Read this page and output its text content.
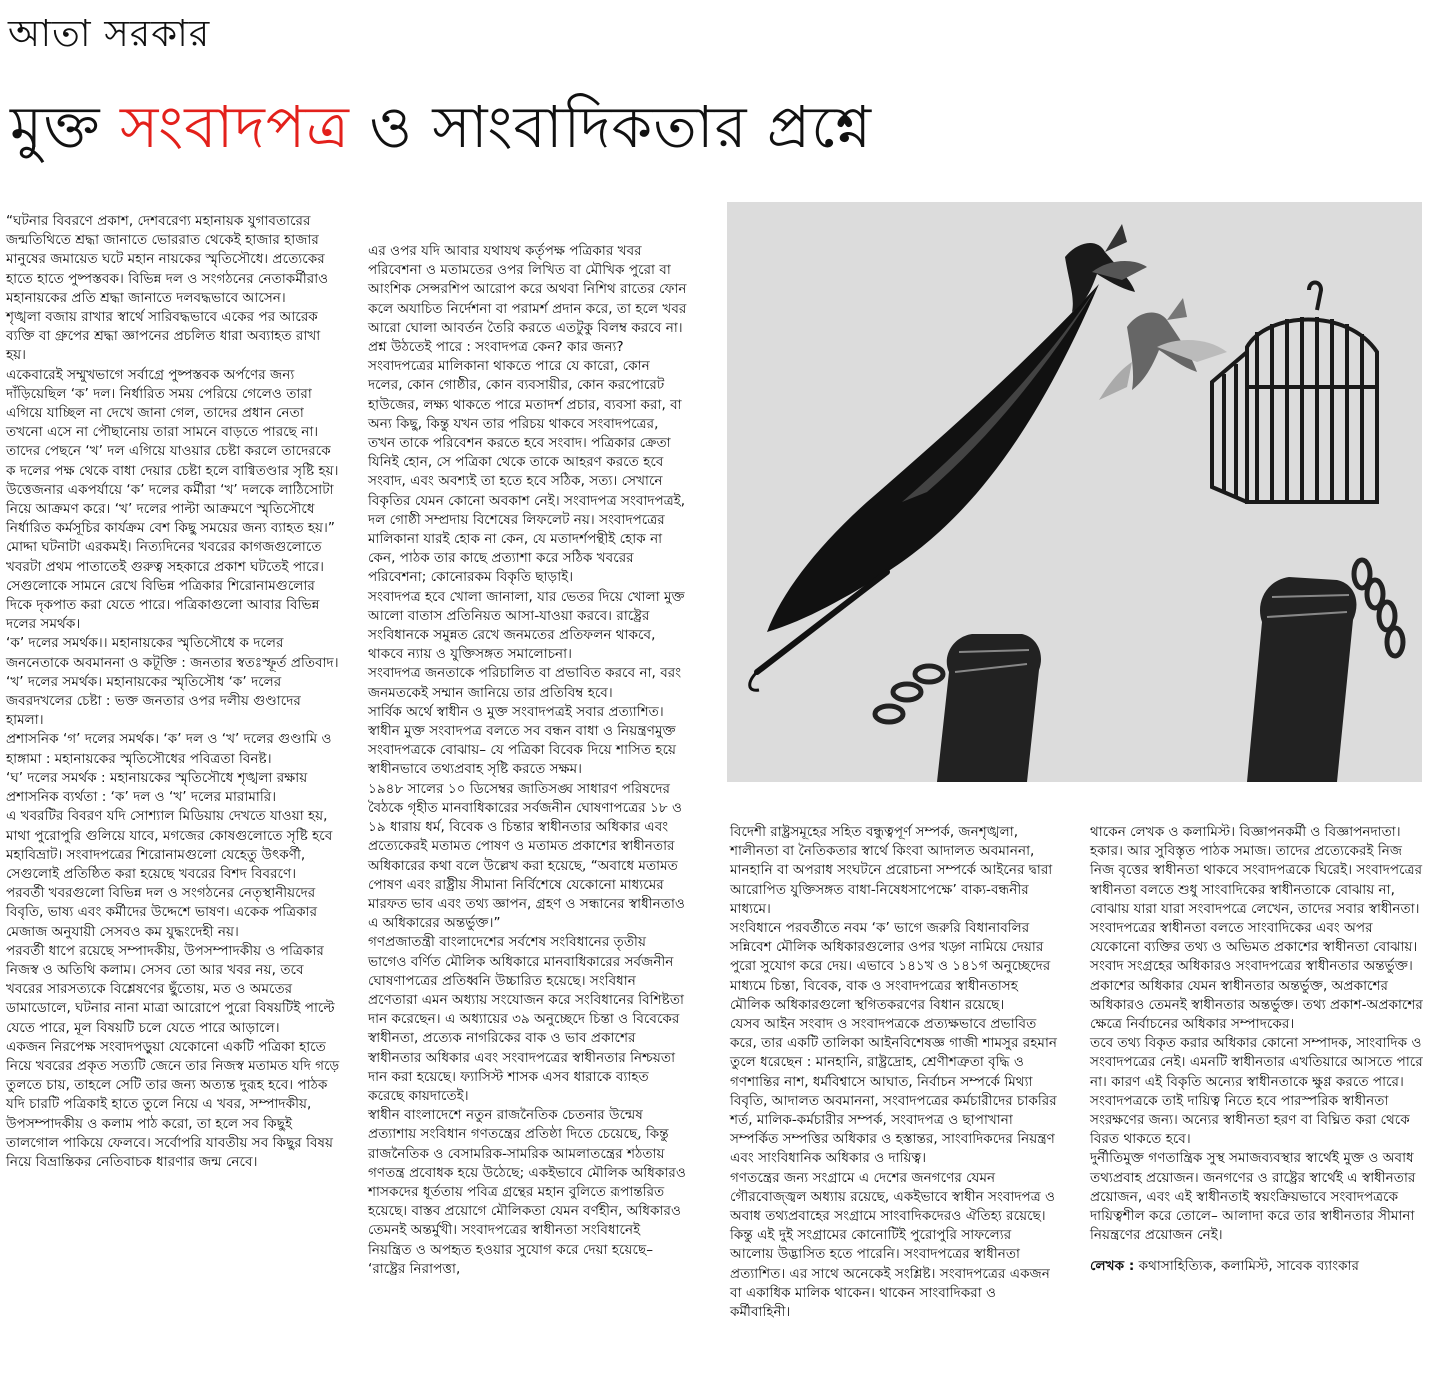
আতা সরকার
মুক্ত সংবাদপত্র ও সাংবাদিকতার প্রশ্নে

“ঘটনার বিবরণে প্রকাশ, দেশবরেণ্য মহানায়ক যুগাবতারের জন্মতিথিতে শ্রদ্ধা জানাতে ভোররাত থেকেই হাজার হাজার মানুষের জমায়েত ঘটে মহান নায়কের স্মৃতিসৌধে। প্রত্যেকের হাতে হাতে পুষ্পস্তবক। বিভিন্ন দল ও সংগঠনের নেতাকর্মীরাও মহানায়কের প্রতি শ্রদ্ধা জানাতে দলবদ্ধভাবে আসেন।

শৃঙ্খলা বজায় রাখার স্বার্থে সারিবদ্ধভাবে একের পর আরেক ব্যক্তি বা গ্রুপের শ্রদ্ধা জ্ঞাপনের প্রচলিত ধারা অব্যাহত রাখা হয়।

একেবারেই সম্মুখভাগে সর্বাগ্রে পুষ্পস্তবক অর্পণের জন্য দাঁড়িয়েছিল ‘ক’ দল। নির্ধারিত সময় পেরিয়ে গেলেও তারা এগিয়ে যাচ্ছিল না দেখে জানা গেল, তাদের প্রধান নেতা তখনো এসে না পৌছানোয় তারা সামনে বাড়তে পারছে না। তাদের পেছনে ‘খ’ দল এগিয়ে যাওয়ার চেষ্টা করলে তাদেরকে ক দলের পক্ষ থেকে বাধা দেয়ার চেষ্টা হলে বাগ্বিতণ্ডার সৃষ্টি হয়। উত্তেজনার একপর্যায়ে ‘ক’ দলের কর্মীরা ‘খ’ দলকে লাঠিসোটা নিয়ে আক্রমণ করে। ‘খ’ দলের পাল্টা আক্রমণে স্মৃতিসৌধে নির্ধারিত কর্মসূচির কার্যক্রম বেশ কিছু সময়ের জন্য ব্যাহত হয়।”

মোদ্দা ঘটনাটা এরকমই। নিত্যদিনের খবরের কাগজগুলোতে খবরটা প্রথম পাতাতেই গুরুত্ব সহকারে প্রকাশ ঘটতেই পারে। সেগুলোকে সামনে রেখে বিভিন্ন পত্রিকার শিরোনামগুলোর দিকে দৃকপাত করা যেতে পারে। পত্রিকাগুলো আবার বিভিন্ন দলের সমর্থক।

‘ক’ দলের সমর্থক।। মহানায়কের স্মৃতিসৌধে ক দলের জননেতাকে অবমাননা ও কটূক্তি : জনতার স্বতঃস্ফূর্ত প্রতিবাদ।

‘খ’ দলের সমর্থক। মহানায়কের স্মৃতিসৌধ ‘ক’ দলের জবরদখলের চেষ্টা : ভক্ত জনতার ওপর দলীয় গুণ্ডাদের হামলা।

প্রশাসনিক ‘গ’ দলের সমর্থক। ‘ক’ দল ও ‘খ’ দলের গুণ্ডামি ও হাঙ্গামা : মহানায়কের স্মৃতিসৌধের পবিত্রতা বিনষ্ট।

‘ঘ’ দলের সমর্থক : মহানায়কের স্মৃতিসৌধে শৃঙ্খলা রক্ষায় প্রশাসনিক ব্যর্থতা : ‘ক’ দল ও ‘খ’ দলের মারামারি।

এ খবরটির বিবরণ যদি সোশ্যাল মিডিয়ায় দেখতে যাওয়া হয়, মাথা পুরোপুরি গুলিয়ে যাবে, মগজের কোষগুলোতে সৃষ্টি হবে মহাবিভ্রাট। সংবাদপত্রের শিরোনামগুলো যেহেতু উৎকর্ণী, সেগুলোই প্রতিষ্ঠিত করা হয়েছে খবরের বিশদ বিবরণে।

পরবর্তী খবরগুলো বিভিন্ন দল ও সংগঠনের নেতৃস্থানীয়দের বিবৃতি, ভাষ্য এবং কর্মীদের উদ্দেশে ভাষণ। একেক পত্রিকার মেজাজ অনুযায়ী সেসবও কম যুদ্ধংদেহী নয়।

পরবর্তী ধাপে রয়েছে সম্পাদকীয়, উপসম্পাদকীয় ও পত্রিকার নিজস্ব ও অতিথি কলাম। সেসব তো আর খবর নয়, তবে খবরের সারসত্যকে বিশ্লেষণের ছুঁতোয়, মত ও অমতের ডামাডোলে, ঘটনার নানা মাত্রা আরোপে পুরো বিষয়টিই পাল্টে যেতে পারে, মূল বিষয়টি চলে যেতে পারে আড়ালে।

একজন নিরপেক্ষ সংবাদপড়ুয়া যেকোনো একটি পত্রিকা হাতে নিয়ে খবরের প্রকৃত সত্যটি জেনে তার নিজস্ব মতামত যদি গড়ে তুলতে চায়, তাহলে সেটি তার জন্য অত্যন্ত দুরূহ হবে। পাঠক যদি চারটি পত্রিকাই হাতে তুলে নিয়ে এ খবর, সম্পাদকীয়, উপসম্পাদকীয় ও কলাম পাঠ করো, তা হলে সব কিছুই তালগোল পাকিয়ে ফেলবে। সর্বোপরি যাবতীয় সব কিছুর বিষয় নিয়ে বিভ্রান্তিকর নেতিবাচক ধারণার জন্ম নেবে।

এর ওপর যদি আবার যথাযথ কর্তৃপক্ষ পত্রিকার খবর পরিবেশনা ও মতামতের ওপর লিখিত বা মৌখিক পুরো বা আংশিক সেন্সরশিপ আরোপ করে অথবা নিশিথ রাতের ফোন কলে অযাচিত নির্দেশনা বা পরামর্শ প্রদান করে, তা হলে খবর আরো ঘোলা আবর্তন তৈরি করতে এতটুকু বিলম্ব করবে না।

প্রশ্ন উঠতেই পারে : সংবাদপত্র কেন? কার জন্য?

সংবাদপত্রের মালিকানা থাকতে পারে যে কারো, কোন দলের, কোন গোষ্ঠীর, কোন ব্যবসায়ীর, কোন করপোরেট হাউজের, লক্ষ্য থাকতে পারে মতাদর্শ প্রচার, ব্যবসা করা, বা অন্য কিছু, কিন্তু যখন তার পরিচয় থাকবে সংবাদপত্রের, তখন তাকে পরিবেশন করতে হবে সংবাদ। পত্রিকার ক্রেতা যিনিই হোন, সে পত্রিকা থেকে তাকে আহরণ করতে হবে সংবাদ, এবং অবশ্যই তা হতে হবে সঠিক, সত্য। সেখানে বিকৃতির যেমন কোনো অবকাশ নেই। সংবাদপত্র সংবাদপত্রই, দল গোষ্ঠী সম্প্রদায় বিশেষের লিফলেট নয়। সংবাদপত্রের মালিকানা যারই হোক না কেন, যে মতাদর্শপন্থীই হোক না কেন, পাঠক তার কাছে প্রত্যাশা করে সঠিক খবরের পরিবেশনা; কোনোরকম বিকৃতি ছাড়াই।

সংবাদপত্র হবে খোলা জানালা, যার ভেতর দিয়ে খোলা মুক্ত আলো বাতাস প্রতিনিয়ত আসা-যাওয়া করবে। রাষ্ট্রের সংবিধানকে সমুন্নত রেখে জনমতের প্রতিফলন থাকবে, থাকবে ন্যায় ও যুক্তিসঙ্গত সমালোচনা।

সংবাদপত্র জনতাকে পরিচালিত বা প্রভাবিত করবে না, বরং জনমতকেই সম্মান জানিয়ে তার প্রতিবিম্ব হবে।

সার্বিক অর্থে স্বাধীন ও মুক্ত সংবাদপত্রই সবার প্রত্যাশিত।

স্বাধীন মুক্ত সংবাদপত্র বলতে সব বন্ধন বাধা ও নিয়ন্ত্রণমুক্ত সংবাদপত্রকে বোঝায়– যে পত্রিকা বিবেক দিয়ে শাসিত হয়ে স্বাধীনভাবে তথ্যপ্রবাহ সৃষ্টি করতে সক্ষম।

১৯৪৮ সালের ১০ ডিসেম্বর জাতিসঙ্ঘ সাধারণ পরিষদের বৈঠকে গৃহীত মানবাধিকারের সর্বজনীন ঘোষণাপত্রের ১৮ ও ১৯ ধারায় ধর্ম, বিবেক ও চিন্তার স্বাধীনতার অধিকার এবং প্রত্যেকেরই মতামত পোষণ ও মতামত প্রকাশের স্বাধীনতার অধিকারের কথা বলে উল্লেখ করা হয়েছে, “অবাধে মতামত পোষণ এবং রাষ্ট্রীয় সীমানা নির্বিশেষে যেকোনো মাধ্যমের মারফত ভাব এবং তথ্য জ্ঞাপন, গ্রহণ ও সন্ধানের স্বাধীনতাও এ অধিকারের অন্তর্ভুক্ত।”

গণপ্রজাতন্ত্রী বাংলাদেশের সর্বশেষ সংবিধানের তৃতীয় ভাগেও বর্ণিত মৌলিক অধিকারে মানবাধিকারের সর্বজনীন ঘোষণাপত্রের প্রতিধ্বনি উচ্চারিত হয়েছে। সংবিধান প্রণেতারা এমন অধ্যায় সংযোজন করে সংবিধানের বিশিষ্টতা দান করেছেন। এ অধ্যায়ের ৩৯ অনুচ্ছেদে চিন্তা ও বিবেকের স্বাধীনতা, প্রত্যেক নাগরিকের বাক ও ভাব প্রকাশের স্বাধীনতার অধিকার এবং সংবাদপত্রের স্বাধীনতার নিশ্চয়তা দান করা হয়েছে। ফ্যাসিস্ট শাসক এসব ধারাকে ব্যাহত করেছে কায়দাতেই।

স্বাধীন বাংলাদেশে নতুন রাজনৈতিক চেতনার উন্মেষ প্রত্যাশায় সংবিধান গণতন্ত্রের প্রতিষ্ঠা দিতে চেয়েছে, কিন্তু রাজনৈতিক ও বেসামরিক-সামরিক আমলাতন্ত্রের শঠতায় গণতন্ত্র প্রবোধক হয়ে উঠেছে; একইভাবে মৌলিক অধিকারও শাসকদের ধূর্ততায় পবিত্র গ্রন্থের মহান বুলিতে রূপান্তরিত হয়েছে। বাস্তব প্রয়োগে মৌলিকতা যেমন বর্ণহীন, অধিকারও তেমনই অন্তর্মুখী। সংবাদপত্রের স্বাধীনতা সংবিধানেই নিয়ন্ত্রিত ও অপহৃত হওয়ার সুযোগ করে দেয়া হয়েছে– ‘রাষ্ট্রের নিরাপত্তা,

বিদেশী রাষ্ট্রসমূহের সহিত বন্ধুত্বপূর্ণ সম্পর্ক, জনশৃঙ্খলা, শালীনতা বা নৈতিকতার স্বার্থে কিংবা আদালত অবমাননা, মানহানি বা অপরাধ সংঘটনে প্ররোচনা সম্পর্কে আইনের দ্বারা আরোপিত যুক্তিসঙ্গত বাধা-নিষেধসাপেক্ষে’ বাক্য-বন্ধনীর মাধ্যমে।

সংবিধানে পরবর্তীতে নবম ‘ক’ ভাগে জরুরি বিধানাবলির সন্নিবেশ মৌলিক অধিকারগুলোর ওপর খড়্গ নামিয়ে দেয়ার পুরো সুযোগ করে দেয়। এভাবে ১৪১খ ও ১৪১গ অনুচ্ছেদের মাধ্যমে চিন্তা, বিবেক, বাক ও সংবাদপত্রের স্বাধীনতাসহ মৌলিক অধিকারগুলো স্থগিতকরণের বিধান রয়েছে।

যেসব আইন সংবাদ ও সংবাদপত্রকে প্রত্যক্ষভাবে প্রভাবিত করে, তার একটি তালিকা আইনবিশেষজ্ঞ গাজী শামসুর রহমান তুলে ধরেছেন : মানহানি, রাষ্ট্রদ্রোহ, শ্রেণীশত্রুতা বৃদ্ধি ও গণশান্তির নাশ, ধর্মবিশ্বাসে আঘাত, নির্বাচন সম্পর্কে মিথ্যা বিবৃতি, আদালত অবমাননা, সংবাদপত্রের কর্মচারীদের চাকরির শর্ত, মালিক-কর্মচারীর সম্পর্ক, সংবাদপত্র ও ছাপাখানা সম্পর্কিত সম্পত্তির অধিকার ও হস্তান্তর, সাংবাদিকদের নিয়ন্ত্রণ এবং সাংবিধানিক অধিকার ও দায়িত্ব।

গণতন্ত্রের জন্য সংগ্রামে এ দেশের জনগণের যেমন গৌরবোজ্জ্বল অধ্যায় রয়েছে, একইভাবে স্বাধীন সংবাদপত্র ও অবাধ তথ্যপ্রবাহের সংগ্রামে সাংবাদিকদেরও ঐতিহ্য রয়েছে। কিন্তু এই দুই সংগ্রামের কোনোটিই পুরোপুরি সাফল্যের আলোয় উদ্ভাসিত হতে পারেনি। সংবাদপত্রের স্বাধীনতা প্রত্যাশিত। এর সাথে অনেকেই সংশ্লিষ্ট। সংবাদপত্রের একজন বা একাধিক মালিক থাকেন। থাকেন সাংবাদিকরা ও কর্মীবাহিনী।

থাকেন লেখক ও কলামিস্ট। বিজ্ঞাপনকর্মী ও বিজ্ঞাপনদাতা। হকার। আর সুবিস্তৃত পাঠক সমাজ। তাদের প্রত্যেকেরই নিজ নিজ বৃত্তের স্বাধীনতা থাকবে সংবাদপত্রকে ঘিরেই। সংবাদপত্রের স্বাধীনতা বলতে শুধু সাংবাদিকের স্বাধীনতাকে বোঝায় না, বোঝায় যারা যারা সংবাদপত্রে লেখেন, তাদের সবার স্বাধীনতা।

সংবাদপত্রের স্বাধীনতা বলতে সাংবাদিকের এবং অপর যেকোনো ব্যক্তির তথ্য ও অভিমত প্রকাশের স্বাধীনতা বোঝায়। সংবাদ সংগ্রহের অধিকারও সংবাদপত্রের স্বাধীনতার অন্তর্ভুক্ত। প্রকাশের অধিকার যেমন স্বাধীনতার অন্তর্ভুক্ত, অপ্রকাশের অধিকারও তেমনই স্বাধীনতার অন্তর্ভুক্ত। তথ্য প্রকাশ-অপ্রকাশের ক্ষেত্রে নির্বাচনের অধিকার সম্পাদকের।

তবে তথ্য বিকৃত করার অধিকার কোনো সম্পাদক, সাংবাদিক ও সংবাদপত্রের নেই। এমনটি স্বাধীনতার এখতিয়ারে আসতে পারে না। কারণ এই বিকৃতি অন্যের স্বাধীনতাকে ক্ষুণ্ণ করতে পারে। সংবাদপত্রকে তাই দায়িত্ব নিতে হবে পারস্পরিক স্বাধীনতা সংরক্ষণের জন্য। অন্যের স্বাধীনতা হরণ বা বিঘ্নিত করা থেকে বিরত থাকতে হবে।

দুর্নীতিমুক্ত গণতান্ত্রিক সুস্থ সমাজব্যবস্থার স্বার্থেই মুক্ত ও অবাধ তথ্যপ্রবাহ প্রয়োজন। জনগণের ও রাষ্ট্রের স্বার্থেই এ স্বাধীনতার প্রয়োজন, এবং এই স্বাধীনতাই স্বয়ংক্রিয়ভাবে সংবাদপত্রকে দায়িত্বশীল করে তোলে– আলাদা করে তার স্বাধীনতার সীমানা নিয়ন্ত্রণের প্রয়োজন নেই।

লেখক : কথাসাহিত্যিক, কলামিস্ট, সাবেক ব্যাংকার
